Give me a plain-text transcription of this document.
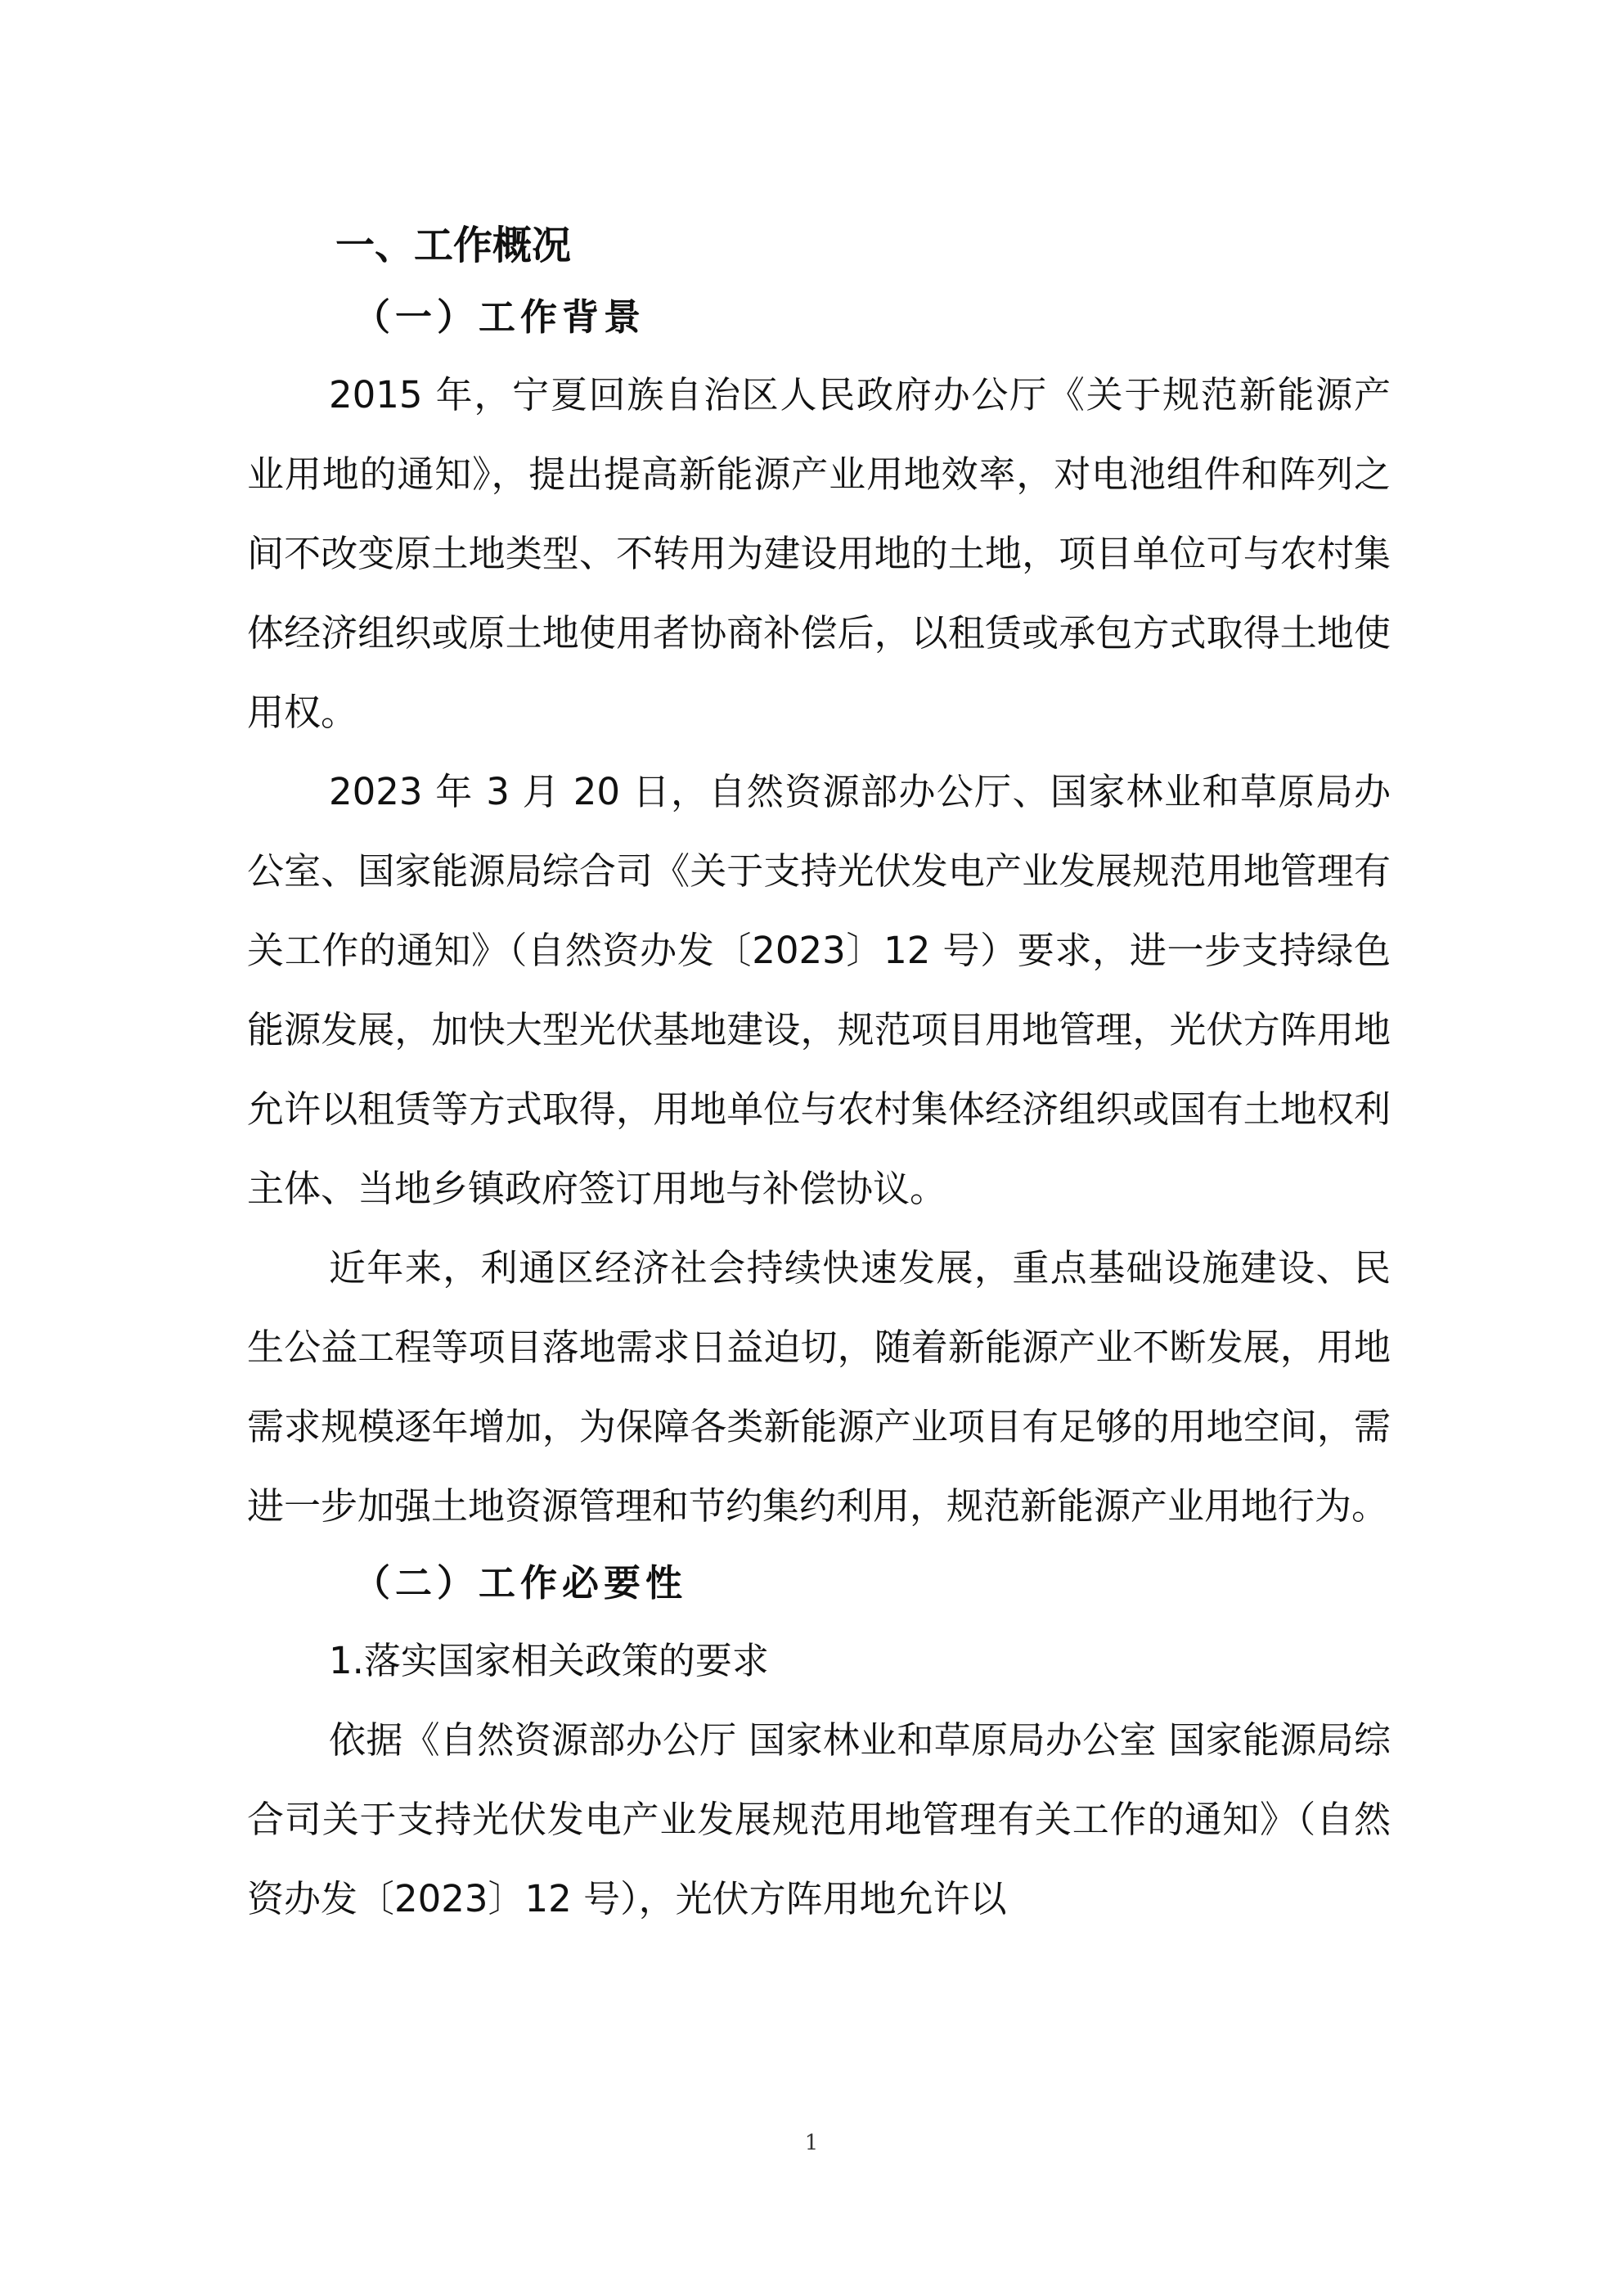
一、工作概况

（一）工作背景

2015 年，宁夏回族自治区人民政府办公厅《关于规范新能源产业用地的通知》，提出提高新能源产业用地效率，对电池组件和阵列之间不改变原土地类型、不转用为建设用地的土地，项目单位可与农村集体经济组织或原土地使用者协商补偿后，以租赁或承包方式取得土地使用权。

2023 年 3 月 20 日，自然资源部办公厅、国家林业和草原局办公室、国家能源局综合司《关于支持光伏发电产业发展规范用地管理有关工作的通知》（自然资办发〔2023〕12 号）要求，进一步支持绿色能源发展，加快大型光伏基地建设，规范项目用地管理，光伏方阵用地允许以租赁等方式取得，用地单位与农村集体经济组织或国有土地权利主体、当地乡镇政府签订用地与补偿协议。

近年来，利通区经济社会持续快速发展，重点基础设施建设、民生公益工程等项目落地需求日益迫切，随着新能源产业不断发展，用地需求规模逐年增加，为保障各类新能源产业项目有足够的用地空间，需进一步加强土地资源管理和节约集约利用，规范新能源产业用地行为。

（二）工作必要性

1.落实国家相关政策的要求

依据《自然资源部办公厅 国家林业和草原局办公室 国家能源局综合司关于支持光伏发电产业发展规范用地管理有关工作的通知》（自然资办发〔2023〕12 号），光伏方阵用地允许以

1
